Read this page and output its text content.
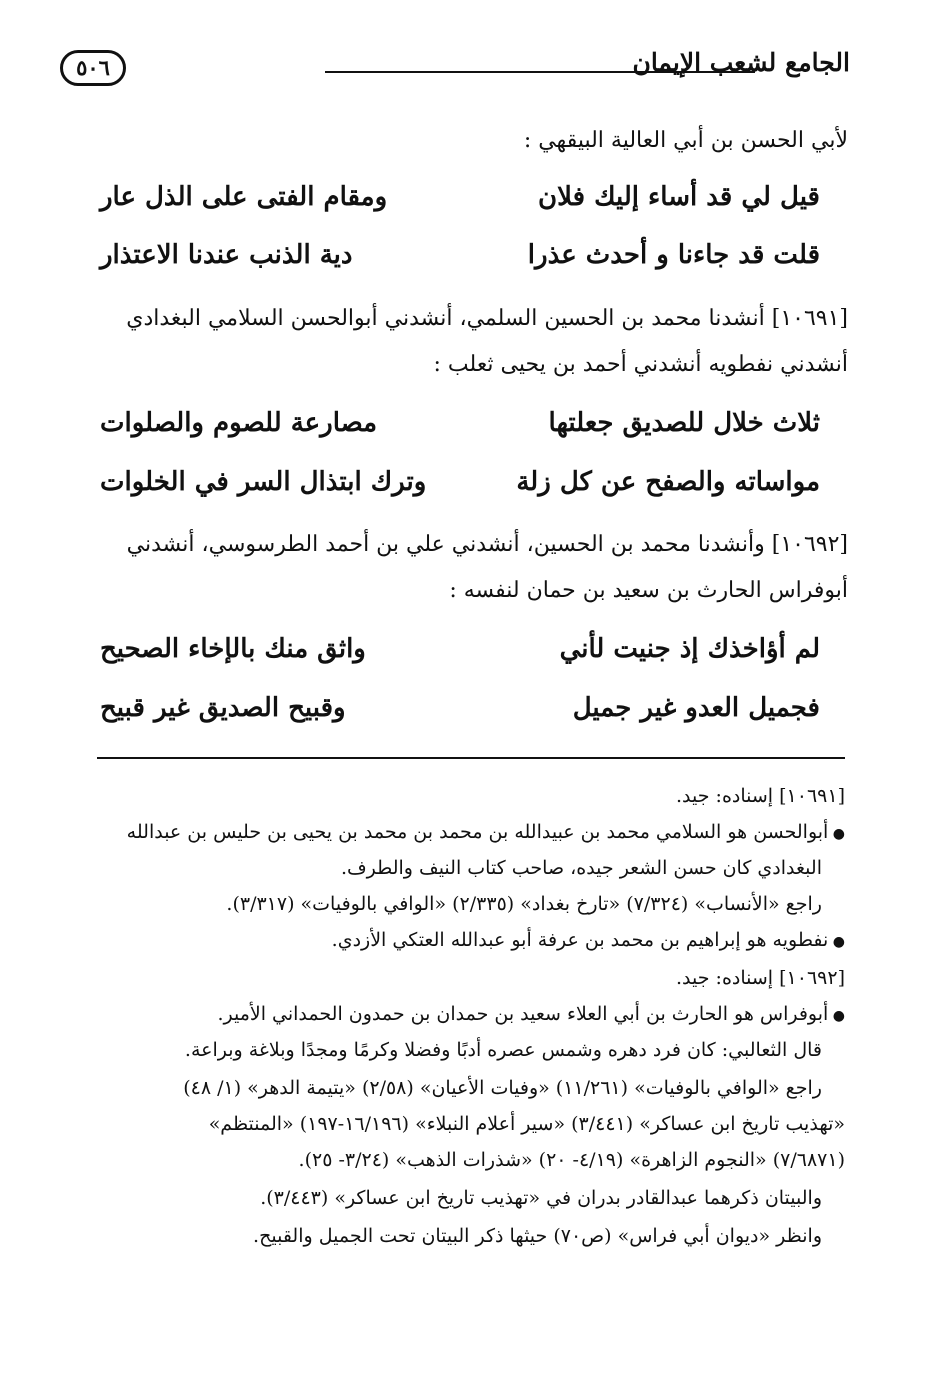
٥٠٦	الجامع لشعب الإيمان
لأبي الحسن بن أبي العالية البيقهي :
قيل لي قد أساء إليك فلان
ومقام الفتى على الذل عار
قلت قد جاءنا و أحدث عذرا
دية الذنب عندنا الاعتذار
[١٠٦٩١] أنشدنا محمد بن الحسين السلمي، أنشدني أبوالحسن السلامي البغدادي
أنشدني نفطويه أنشدني أحمد بن يحيى ثعلب :
ثلاث خلال للصديق جعلتها
مصارعة للصوم والصلوات
مواساته والصفح عن كل زلة
وترك ابتذال السر في الخلوات
[١٠٦٩٢] وأنشدنا محمد بن الحسين، أنشدني علي بن أحمد الطرسوسي، أنشدني
أبوفراس الحارث بن سعيد بن حمان لنفسه :
لم أؤاخذك إذ جنيت لأني
واثق منك بالإخاء الصحيح
فجميل العدو غير جميل
وقبيح الصديق غير قبيح
[١٠٦٩١] إسناده: جيد.
● أبوالحسن هو السلامي محمد بن عبيدالله بن محمد بن محمد بن يحيى بن حليس بن عبدالله
البغدادي كان حسن الشعر جيده، صاحب كتاب النيف والطرف.
راجع «الأنساب» (٧/٣٢٤) «تارخ بغداد» (٢/٣٣٥) «الوافي بالوفيات» (٣/٣١٧).
● نفطويه هو إبراهيم بن محمد بن عرفة أبو عبدالله العتكي الأزدي.
[١٠٦٩٢] إسناده: جيد.
● أبوفراس هو الحارث بن أبي العلاء سعيد بن حمدان بن حمدون الحمداني الأمير.
قال الثعالبي: كان فرد دهره وشمس عصره أدبًا وفضلا وكرمًا ومجدًا وبلاغة وبراعة.
راجع «الوافي بالوفيات» (١١/٢٦١) «وفيات الأعيان» (٢/٥٨) «يتيمة الدهر» (١/ ٤٨)
«تهذيب تاريخ ابن عساكر» (٣/٤٤١) «سير أعلام النبلاء» (١٦/١٩٦-١٩٧) «المنتظم»
(٧/٦٨٧١) «النجوم الزاهرة» (٤/١٩- ٢٠) «شذرات الذهب» (٣/٢٤- ٢٥).
والبيتان ذكرهما عبدالقادر بدران في «تهذيب تاريخ ابن عساكر» (٣/٤٤٣).
وانظر «ديوان أبي فراس» (ص٧٠) حيثها ذكر البيتان تحت الجميل والقبيح.
